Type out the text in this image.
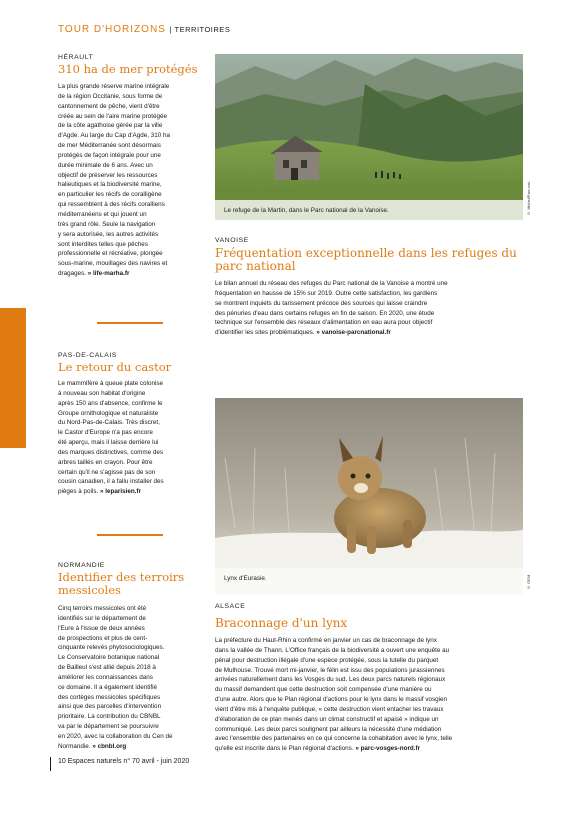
TOUR D'HORIZONS | TERRITOIRES
HÉRAULT
310 ha de mer protégés
La plus grande réserve marine intégrale
de la région Occitanie, sous forme de
cantonnement de pêche, vient d'être
créée au sein de l'aire marine protégée
de la côte agathoise gérée par la ville
d'Agde. Au large du Cap d'Agde, 310 ha
de mer Méditerranée sont désormais
protégés de façon intégrale pour une
durée minimale de 6 ans. Avec un
objectif de préserver les ressources
halieutiques et la biodiversité marine,
en particulier les récifs de coralligène
qui ressemblent à des récifs coralliens
méditerranéens et qui jouent un
très grand rôle. Seule la navigation
y sera autorisée, les autres activités
sont interdites telles que pêches
professionnelle et récréative, plongée
sous-marine, mouillages des navires et
dragages. » life-marha.fr
PAS-DE-CALAIS
Le retour du castor
Le mammifère à queue plate colonise
à nouveau son habitat d'origine
après 150 ans d'absence, confirme le
Groupe ornithologique et naturaliste
du Nord-Pas-de-Calais. Très discret,
le Castor d'Europe n'a pas encore
été aperçu, mais il laisse derrière lui
des marques distinctives, comme des
arbres taillés en crayon. Pour être
certain qu'il ne s'agisse pas de son
cousin canadien, il a fallu installer des
pièges à poils. » leparisien.fr
NORMANDIE
Identifier des terroirs
messicoles
Cinq terroirs messicoles ont été
identifiés sur le département de
l'Eure à l'issue de deux années
de prospections et plus de cent-
cinquante relevés phytosociologiques.
Le Conservatoire botanique national
de Bailleul s'est allié depuis 2018 à
améliorer les connaissances dans
ce domaine. Il a également identifié
des cortèges messicoles spécifiques
ainsi que des parcelles d'intervention
prioritaire. La contribution du CBNBL
va par le département se poursuivre
en 2020, avec la collaboration du Cen de
Normandie. » cbnbl.org
Le refuge de la Martin, dans le Parc national de la Vanoise.	© Michel/Parc nat.
VANOISE
Fréquentation exceptionnelle dans les refuges du
parc national
Le bilan annuel du réseau des refuges du Parc national de la Vanoise a montré une
fréquentation en hausse de 15% sur 2019. Outre cette satisfaction, les gardiens
se montrent inquiets du tarissement précoce des sources qui laisse craindre
des pénuries d'eau dans certains refuges en fin de saison. En 2020, une étude
technique sur l'ensemble des réseaux d'alimentation en eau aura pour objectif
d'identifier les sites problématiques. » vanoise-parcnational.fr
Lynx d'Eurasie.	© GEM
ALSACE
Braconnage d'un lynx
La préfecture du Haut-Rhin a confirmé en janvier un cas de braconnage de lynx
dans la vallée de Thann. L'Office français de la biodiversité a ouvert une enquête au
pénal pour destruction illégale d'une espèce protégée, sous la tutelle du parquet
de Mulhouse. Trouvé mort mi-janvier, le félin est issu des populations jurassiennes
arrivées naturellement dans les Vosges du sud. Les deux parcs naturels régionaux
du massif demandent que cette destruction soit compensée d'une manière ou
d'une autre. Alors que le Plan régional d'actions pour le lynx dans le massif vosgien
vient d'être mis à l'enquête publique, « cette destruction vient entacher les travaux
d'élaboration de ce plan menés dans un climat constructif et apaisé » indique un
communiqué. Les deux parcs soulignent par ailleurs la nécessité d'une médiation
avec l'ensemble des partenaires en ce qui concerne la cohabitation avec le lynx, telle
qu'elle est inscrite dans le Plan régional d'actions. » parc-vosges-nord.fr
10 Espaces naturels n° 70 avril - juin 2020
